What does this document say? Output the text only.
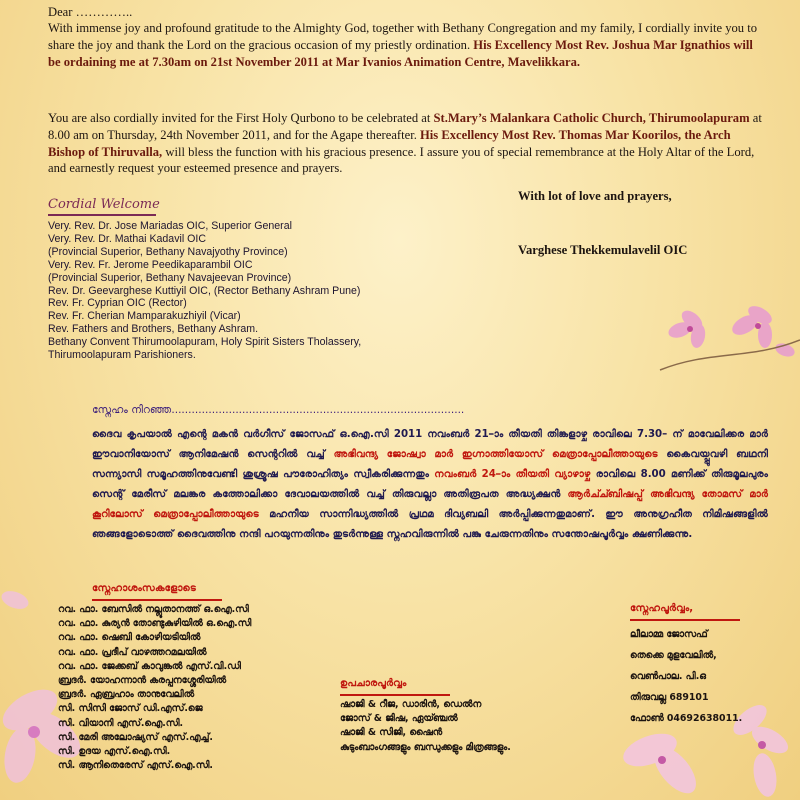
Dear …………..
With immense joy and profound gratitude to the Almighty God, together with Bethany Congregation and my family, I cordially invite you to share the joy and thank the Lord on the gracious occasion of my priestly ordination. His Excellency Most Rev. Joshua Mar Ignathios will be ordaining me at 7.30am on 21st November 2011 at Mar Ivanios Animation Centre, Mavelikkara.
You are also cordially invited for the First Holy Qurbono to be celebrated at St.Mary’s Malankara Catholic Church, Thirumoolapuram at 8.00 am on Thursday, 24th November 2011, and for the Agape thereafter. His Excellency Most Rev. Thomas Mar Koorilos, the Arch Bishop of Thiruvalla, will bless the function with his gracious presence. I assure you of special remembrance at the Holy Altar of the Lord, and earnestly request your esteemed presence and prayers.
With lot of love and prayers,
Varghese Thekkemulavelil OIC
Cordial Welcome
Very. Rev. Dr. Jose Mariadas OIC, Superior General
Very. Rev. Dr. Mathai Kadavil OIC
(Provincial Superior, Bethany Navajyothy Province)
Very. Rev. Fr. Jerome Peedikaparambil OIC
(Provincial Superior, Bethany Navajeevan Province)
Rev. Dr. Geevarghese Kuttiyil OIC, (Rector Bethany Ashram Pune)
Rev. Fr. Cyprian OIC (Rector)
Rev. Fr. Cherian Mamparakuzhiyil (Vicar)
Rev. Fathers and Brothers, Bethany Ashram.
Bethany Convent Thirumoolapuram, Holy Spirit Sisters Tholassery,
Thirumoolapuram Parishioners.
സ്നേഹം നിറഞ്ഞ.......................................................................................
ദൈവ കൃപയാൽ എന്റെ മകൻ വർഗീസ് ജോസഫ് ഒ.ഐ.സി 2011 നവംബർ 21–ാം തീയതി തിങ്കളാഴ്ച രാവിലെ 7.30– ന് മാവേലിക്കര മാർ ഈവാനിയോസ് ആനിമേഷൻ സെന്ററിൽ വച്ച് അഭിവന്ദ്യ ജോഷ്വാ മാർ ഇഗ്നാത്തിയോസ് മെത്രാപ്പോലീത്തായുടെ കൈവയ്പ്പുവഴി ബഥനി സന്ന്യാസി സമൂഹത്തിനുവേണ്ടി ശുശ്രൂഷ പൗരോഹിത്യം സ്വീകരിക്കുന്നതും നവംബർ 24–ാം തീയതി വ്യാഴാഴ്ച രാവിലെ 8.00 മണിക്ക് തിരുമൂലപുരം സെന്റ് മേരീസ് മലങ്കര കത്തോലിക്കാ ദേവാലയത്തിൽ വച്ച് തിരുവല്ലാ അതിരൂപത അദ്ധ്യക്ഷൻ ആർച്ച്ബിഷപ്പ് അഭിവന്ദ്യ തോമസ് മാർ കൂറിലോസ് മെത്രാപ്പോലീത്തായുടെ മഹനീയ സാന്നിദ്ധ്യത്തിൽ പ്രഥമ ദിവ്യബലി അർപ്പിക്കുന്നതുമാണ്. ഈ അനുഗ്രഹീത നിമിഷങ്ങളിൽ ഞങ്ങളോടൊത്ത് ദൈവത്തിനു നന്ദി പറയുന്നതിനും തുടർന്നുള്ള സ്നഹവിരുന്നിൽ പങ്കു ചേരുന്നതിനും സന്തോഷപൂർവ്വം ക്ഷണിക്കുന്നു.
സ്നേഹാശംസകളോടെ
റവ. ഫാ. ബേസിൽ നല്ലൂതാനത്ത് ഒ.ഐ.സി
റവ. ഫാ. കുര്യൻ തോണ്ടുകുഴിയിൽ ഒ.ഐ.സി
റവ. ഫാ. ഷെബി കോഴിയടിയിൽ
റവ. ഫാ. പ്രദീപ് വാഴത്തറമലയിൽ
റവ. ഫാ. ജേക്കബ് കാവുങ്കൽ എസ്.വി.ഡി
ബ്രദർ. യോഹന്നാൻ കരപ്പനശ്ശേരിയിൽ
ബ്രദർ. ഏബ്രഹാം താനുവേലിൽ
സി. സിസി ജോസ് ഡി.എസ്.ജെ
സി. വിയാനി എസ്.ഐ.സി.
സി. മേരി അലോഷ്യസ് എസ്.എച്ച്.
സി. ഉദയ എസ്.ഐ.സി.
സി. ആനിതെരേസ് എസ്.ഐ.സി.
ഉപചാരപൂർവ്വം
ഷാജി & റീജ, ഡാരിൻ, ഡെൽന
ജോസ് & ജിഷ, ഏയ്ഞ്ചൽ
ഷാജി & സിജി, ഷൈൻ
കുടുംബാംഗങ്ങളും ബന്ധുക്കളും മിത്രങ്ങളും.
സ്നേഹപൂർവ്വം,
ലീലാമ്മ ജോസഫ്
തെക്കെ മുളവേലിൽ,
വെൺപാല. പി.ഒ
തിരുവല്ല 689101
ഫോൺ 04692638011.
